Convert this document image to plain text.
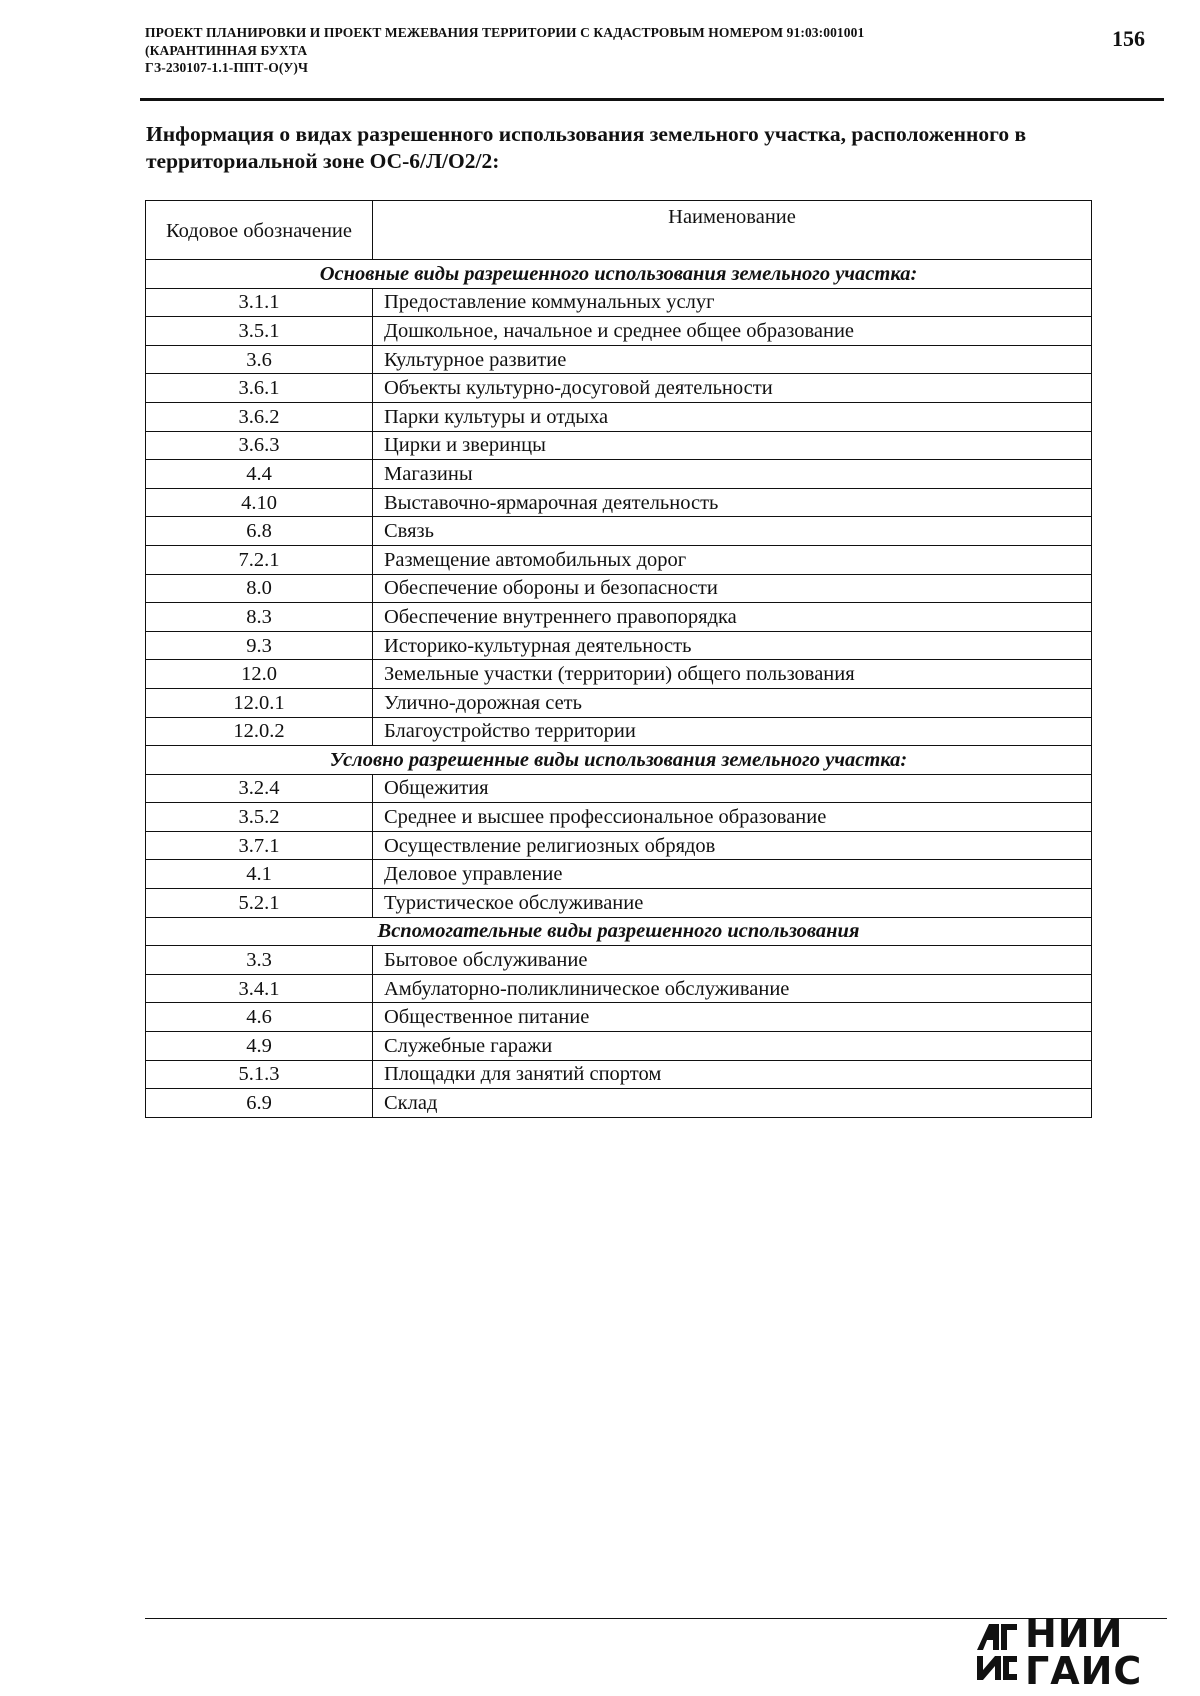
ПРОЕКТ ПЛАНИРОВКИ И ПРОЕКТ МЕЖЕВАНИЯ ТЕРРИТОРИИ С КАДАСТРОВЫМ НОМЕРОМ 91:03:001001
(КАРАНТИННАЯ БУХТА
ГЗ-230107-1.1-ППТ-О(У)Ч
156
Информация о видах разрешенного использования земельного участка, расположенного в территориальной зоне ОС-6/Л/О2/2:
Кодовое обозначение	Наименование
Основные виды разрешенного использования земельного участка:	
3.1.1	Предоставление коммунальных услуг
3.5.1	Дошкольное, начальное и среднее общее образование
3.6	Культурное развитие
3.6.1	Объекты культурно-досуговой деятельности
3.6.2	Парки культуры и отдыха
3.6.3	Цирки и зверинцы
4.4	Магазины
4.10	Выставочно-ярмарочная деятельность
6.8	Связь
7.2.1	Размещение автомобильных дорог
8.0	Обеспечение обороны и безопасности
8.3	Обеспечение внутреннего правопорядка
9.3	Историко-культурная деятельность
12.0	Земельные участки (территории) общего пользования
12.0.1	Улично-дорожная сеть
12.0.2	Благоустройство территории
Условно разрешенные виды использования земельного участка:	
3.2.4	Общежития
3.5.2	Среднее и высшее профессиональное образование
3.7.1	Осуществление религиозных обрядов
4.1	Деловое управление
5.2.1	Туристическое обслуживание
Вспомогательные виды разрешенного использования	
3.3	Бытовое обслуживание
3.4.1	Амбулаторно-поликлиническое обслуживание
4.6	Общественное питание
4.9	Служебные гаражи
5.1.3	Площадки для занятий спортом
6.9	Склад
НИИ
ГАИС
